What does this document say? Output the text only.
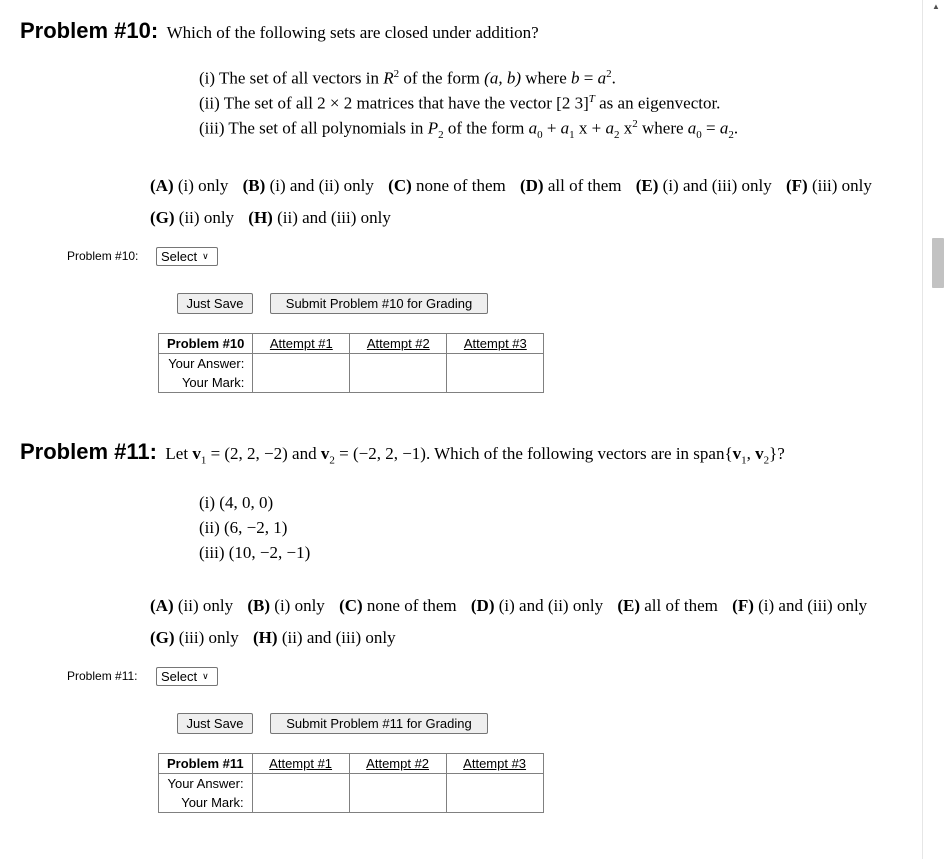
Problem #10: Which of the following sets are closed under addition?
(i) The set of all vectors in $R^2$ of the form (a, b) where $b = a^2$.
(ii) The set of all 2 × 2 matrices that have the vector [2 3]$^T$ as an eigenvector.
(iii) The set of all polynomials in $P_2$ of the form $a_0 + a_1$ $x + a_2$ $x^2$ where $a_0 = a_2$.
(A) (i) only (B) (i) and (ii) only (C) none of them (D) all of them (E) (i) and (iii) only (F) (iii) only
(G) (ii) only (H) (ii) and (iii) only
Problem #10: Select ∨
Just Save	Submit Problem #10 for Grading
Problem #10	Attempt #1	Attempt #2	Attempt #3
Your Answer:			
Your Mark:			
Problem #11: Let $v_1 = (2$, 2, −2) and $v_2 = (-2$, 2, −1). Which of the following vectors are in $span\{v_1$, $v_2$}?
(i) (4, 0, 0)
(ii) (6, −2, 1)
(iii) (10, −2, −1)
(A) (ii) only (B) (i) only (C) none of them (D) (i) and (ii) only (E) all of them (F) (i) and (iii) only
(G) (iii) only (H) (ii) and (iii) only
Problem #11: Select ∨
Just Save	Submit Problem #11 for Grading
Problem #11	Attempt #1	Attempt #2	Attempt #3
Your Answer:			
Your Mark:			
▲
